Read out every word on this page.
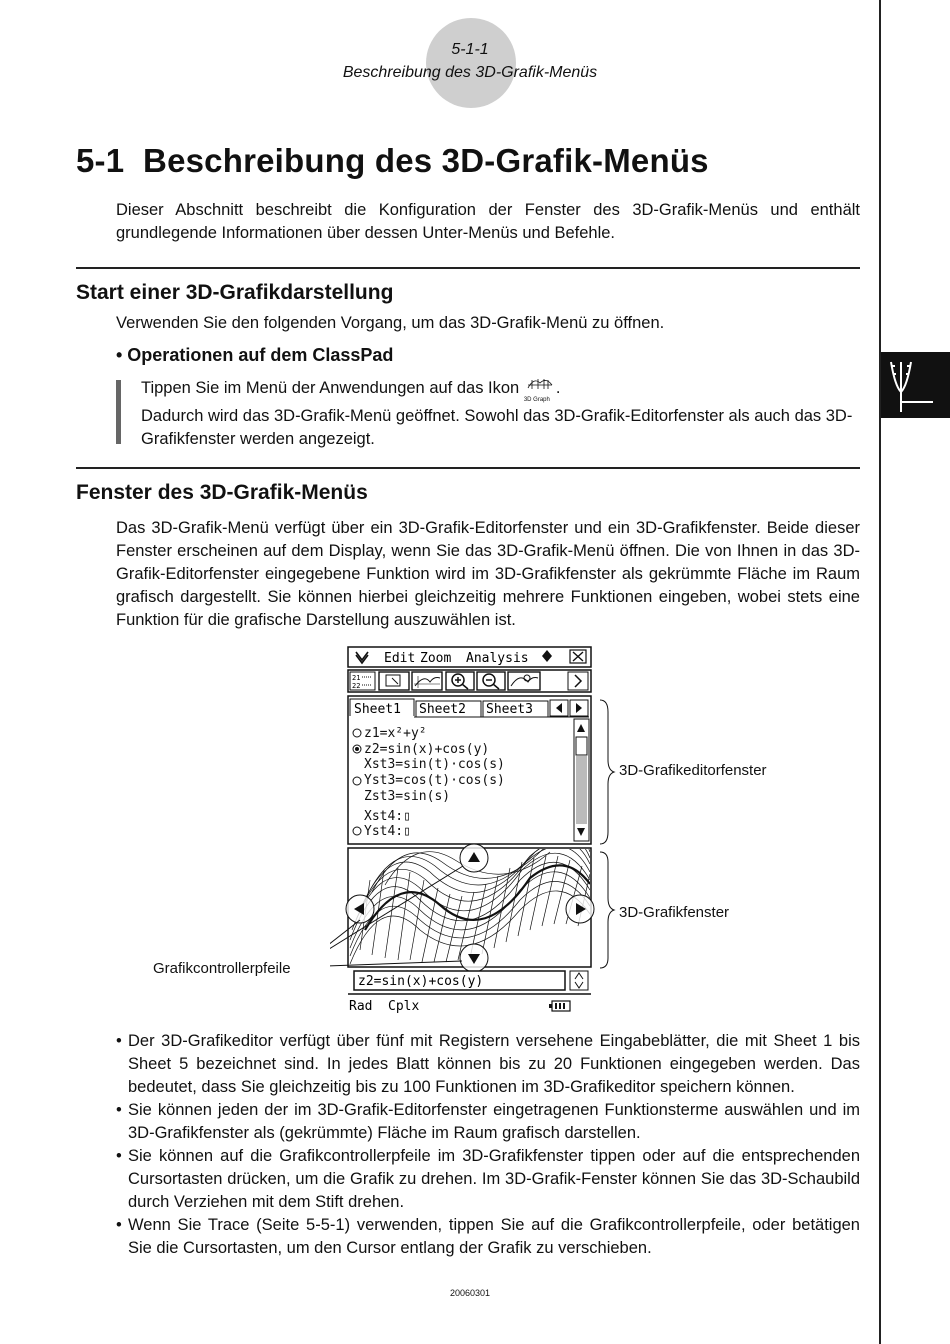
5-1-1
Beschreibung des 3D-Grafik-Menüs
5-1  Beschreibung des 3D-Grafik-Menüs
Dieser Abschnitt beschreibt die Konfiguration der Fenster des 3D-Grafik-Menüs und enthält grundlegende Informationen über dessen Unter-Menüs und Befehle.
Start einer 3D-Grafikdarstellung
Verwenden Sie den folgenden Vorgang, um das 3D-Grafik-Menü zu öffnen.
• Operationen auf dem ClassPad
Tippen Sie im Menü der Anwendungen auf das Ikon
3D Graph
.
Dadurch wird das 3D-Grafik-Menü geöffnet. Sowohl das 3D-Grafik-Editorfenster als auch das 3D-Grafikfenster werden angezeigt.
Fenster des 3D-Grafik-Menüs
Das 3D-Grafik-Menü verfügt über ein 3D-Grafik-Editorfenster und ein 3D-Grafikfenster. Beide dieser Fenster erscheinen auf dem Display, wenn Sie das 3D-Grafik-Menü öffnen. Die von Ihnen in das 3D-Grafik-Editorfenster eingegebene Funktion wird im 3D-Grafikfenster als gekrümmte Fläche im Raum grafisch dargestellt. Sie können hierbei gleichzeitig mehrere Funktionen eingeben, wobei stets eine Funktion für die grafische Darstellung auszuwählen ist.
Edit Zoom Analysis
21
22
Sheet1 Sheet2 Sheet3
z1=x²+y²
z2=sin(x)+cos(y)
Xst3=sin(t)·cos(s)
Yst3=cos(t)·cos(s)
Zst3=sin(s)
Xst4:▯
Yst4:▯
z2=sin(x)+cos(y)
Rad Cplx
3D-Grafikeditorfenster
3D-Grafikfenster
Grafikcontrollerpfeile
• Der 3D-Grafikeditor verfügt über fünf mit Registern versehene Eingabeblätter, die mit Sheet 1 bis Sheet 5 bezeichnet sind. In jedes Blatt können bis zu 20 Funktionen eingegeben werden. Das bedeutet, dass Sie gleichzeitig bis zu 100 Funktionen im 3D-Grafikeditor speichern können.
• Sie können jeden der im 3D-Grafik-Editorfenster eingetragenen Funktionsterme auswählen und im 3D-Grafikfenster als (gekrümmte) Fläche im Raum grafisch darstellen.
• Sie können auf die Grafikcontrollerpfeile im 3D-Grafikfenster tippen oder auf die entsprechenden Cursortasten drücken, um die Grafik zu drehen. Im 3D-Grafik-Fenster können Sie das 3D-Schaubild durch Verziehen mit dem Stift drehen.
• Wenn Sie Trace (Seite 5-5-1) verwenden, tippen Sie auf die Grafikcontrollerpfeile, oder betätigen Sie die Cursortasten, um den Cursor entlang der Grafik zu verschieben.
20060301
